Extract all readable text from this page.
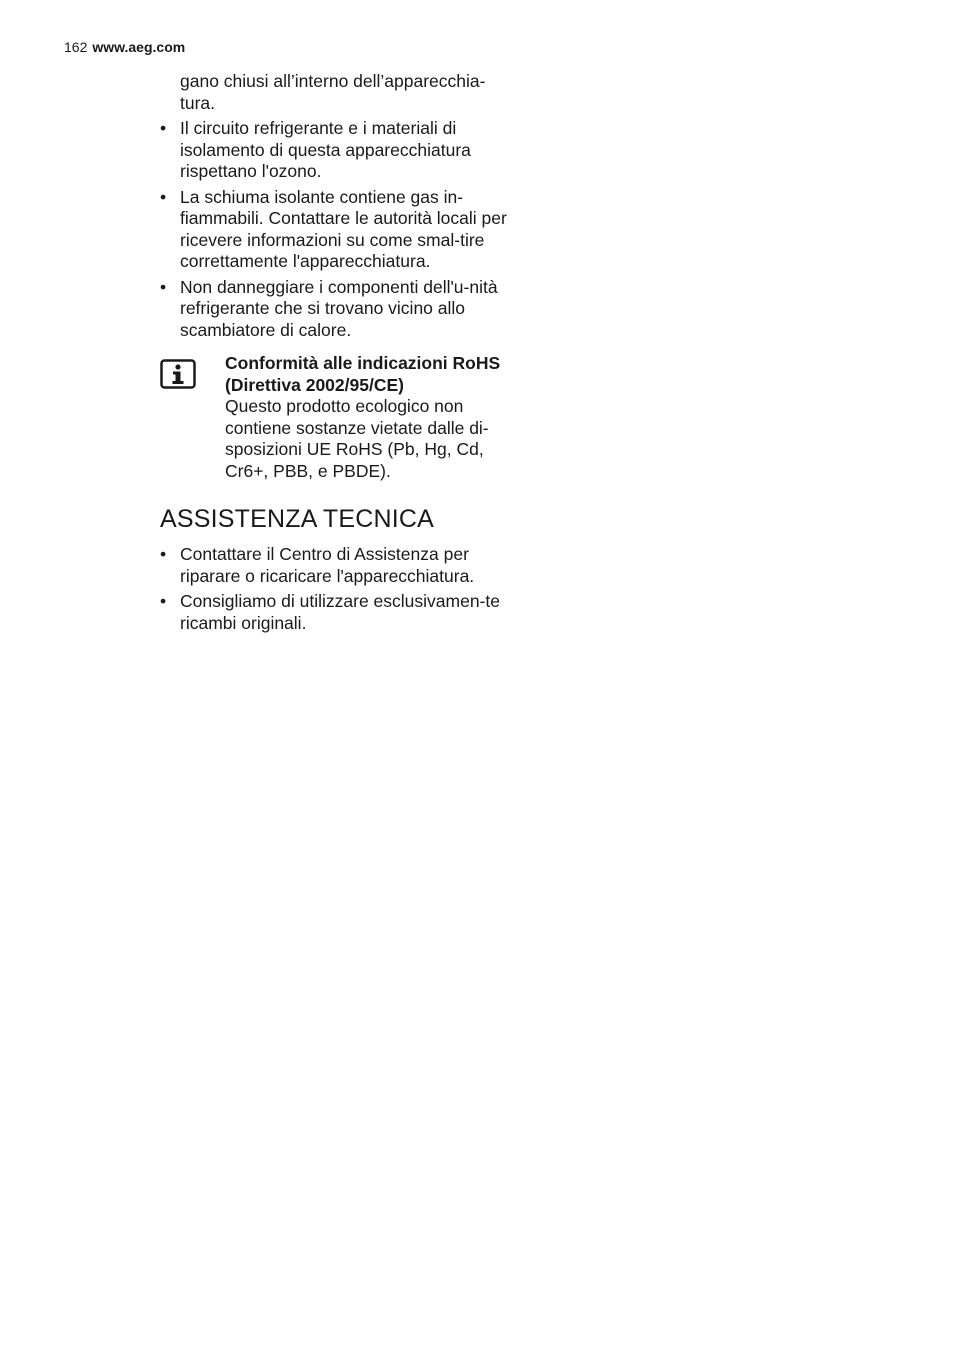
162 www.aeg.com

gano chiusi all’interno dell’apparecchia-tura.

• Il circuito refrigerante e i materiali di isolamento di questa apparecchiatura rispettano l'ozono.
• La schiuma isolante contiene gas in-fiammabili. Contattare le autorità locali per ricevere informazioni su come smal-tire correttamente l'apparecchiatura.
• Non danneggiare i componenti dell'u-nità refrigerante che si trovano vicino allo scambiatore di calore.

Conformità alle indicazioni RoHS (Direttiva 2002/95/CE)

Questo prodotto ecologico non contiene sostanze vietate dalle di-sposizioni UE RoHS (Pb, Hg, Cd, Cr6+, PBB, e PBDE).

ASSISTENZA TECNICA
• Contattare il Centro di Assistenza per riparare o ricaricare l'apparecchiatura.
• Consigliamo di utilizzare esclusivamen-te ricambi originali.
